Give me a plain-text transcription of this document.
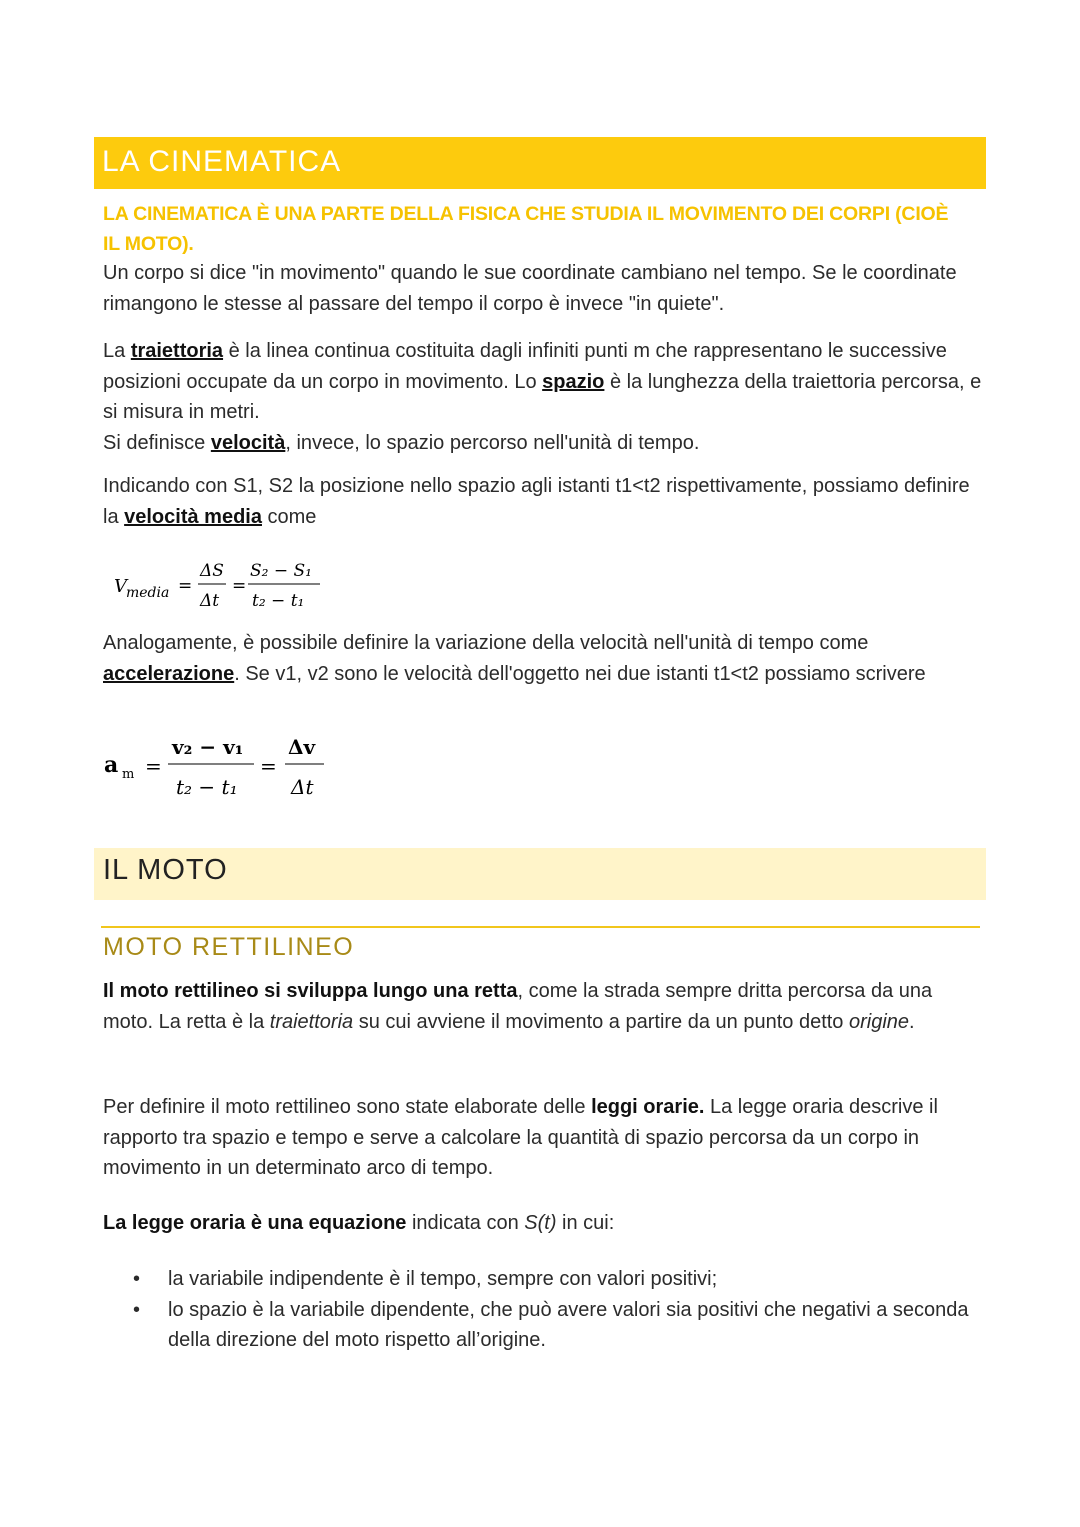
LA CINEMATICA
LA CINEMATICA È UNA PARTE DELLA FISICA CHE STUDIA IL MOVIMENTO DEI CORPI (CIOÈ IL MOTO).
Un corpo si dice "in movimento" quando le sue coordinate cambiano nel tempo. Se le coordinate rimangono le stesse al passare del tempo il corpo è invece "in quiete".
La traiettoria è la linea continua costituita dagli infiniti punti m che rappresentano le successive posizioni occupate da un corpo in movimento. Lo spazio è la lunghezza della traiettoria percorsa, e si misura in metri.
Si definisce velocità, invece, lo spazio percorso nell'unità di tempo.
Indicando con S1, S2 la posizione nello spazio agli istanti t1<t2 rispettivamente, possiamo definire la velocità media come
V media =
ΔS
Δt
=
S₂ − S₁
t₂ − t₁
Analogamente, è possibile definire la variazione della velocità nell'unità di tempo come accelerazione. Se v1, v2 sono le velocità dell'oggetto nei due istanti t1<t2 possiamo scrivere
a m =
v₂ − v₁
t₂ − t₁
=
Δv
Δt
IL MOTO
MOTO RETTILINEO
Il moto rettilineo si sviluppa lungo una retta, come la strada sempre dritta percorsa da una moto. La retta è la traiettoria su cui avviene il movimento a partire da un punto detto origine.
Per definire il moto rettilineo sono state elaborate delle leggi orarie. La legge oraria descrive il rapporto tra spazio e tempo e serve a calcolare la quantità di spazio percorsa da un corpo in movimento in un determinato arco di tempo.
La legge oraria è una equazione indicata con S(t) in cui:
• la variabile indipendente è il tempo, sempre con valori positivi;
• lo spazio è la variabile dipendente, che può avere valori sia positivi che negativi a seconda della direzione del moto rispetto all’origine.
